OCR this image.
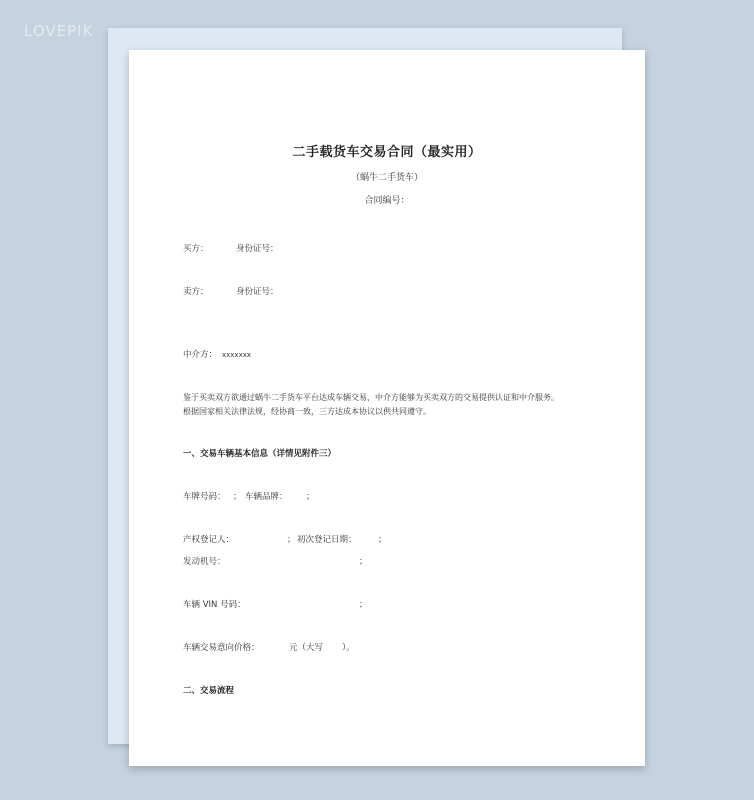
LOVEPIK
二手载货车交易合同（最实用）
（蜗牛二手货车）
合同编号：
买方：	身份证号：
卖方：	身份证号：
中介方： xxxxxxx
鉴于买卖双方欲通过蜗牛二手货车平台达成车辆交易，中介方能够为买卖双方的交易提供认证和中介服务。
根据国家相关法律法规，经协商一致，三方达成本协议以供共同遵守。
一、交易车辆基本信息（详情见附件三）
车牌号码： ； 车辆品牌： ；
产权登记人：	； 初次登记日期：	；
发动机号：	；
车辆 VIN 号码：	；
车辆交易意向价格：	元（大写 ）。
二、交易流程
